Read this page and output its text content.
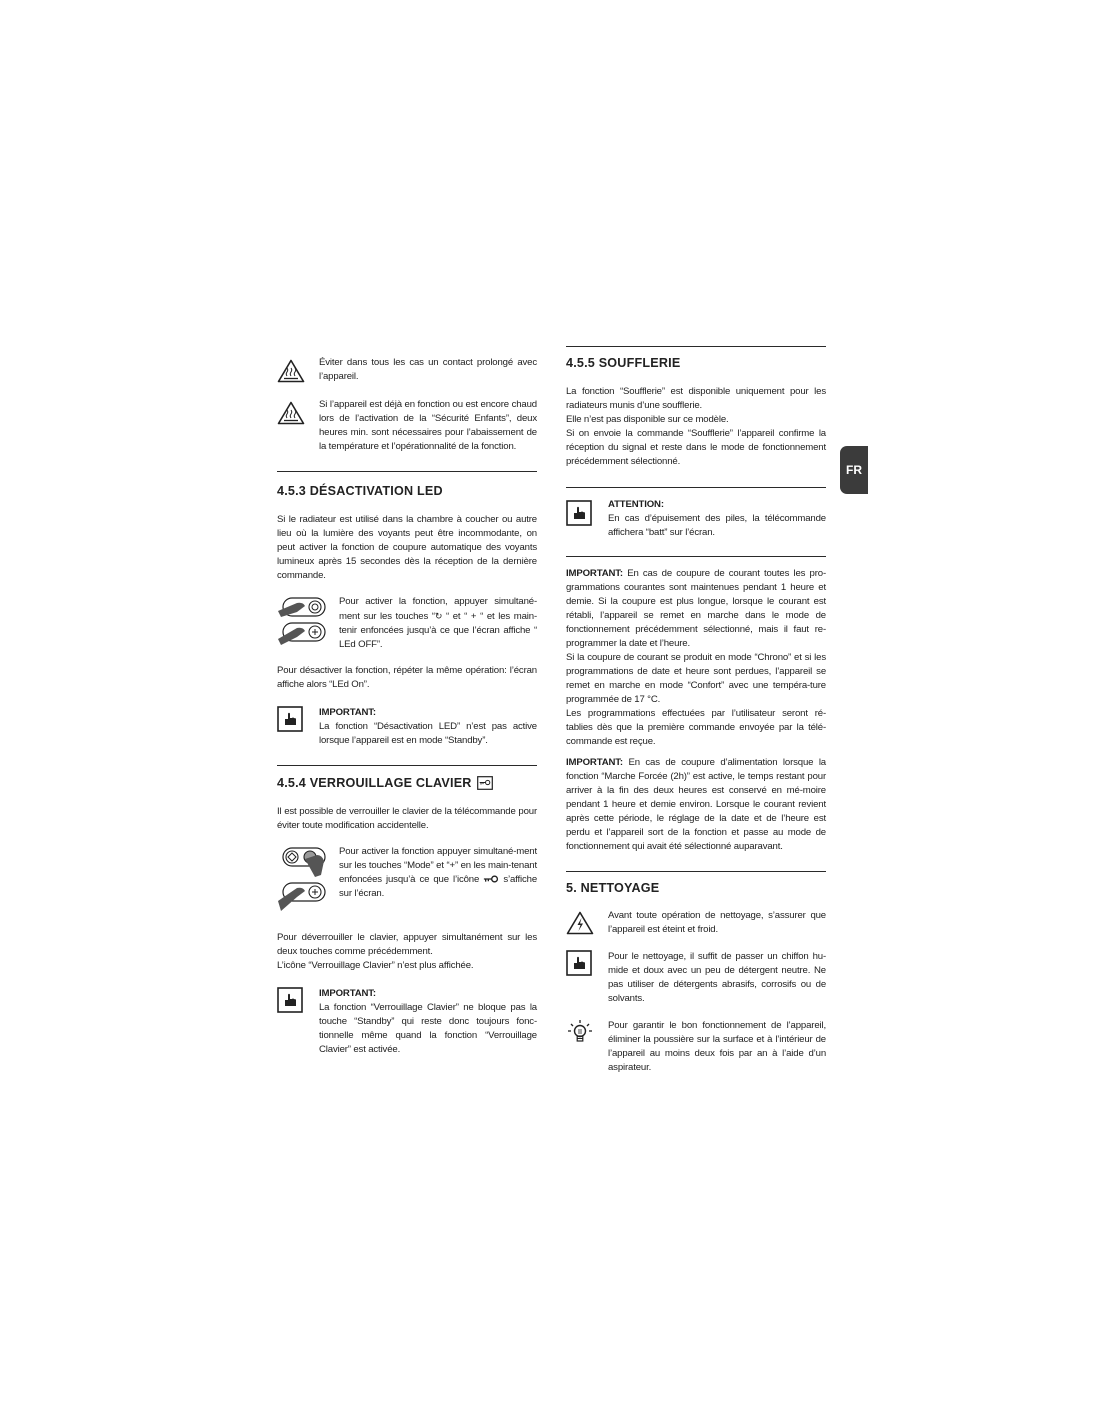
Éviter dans tous les cas un contact prolongé avec l’appareil.

Si l’appareil est déjà en fonction ou est encore chaud lors de l’activation de la “Sécurité Enfants”, deux heures min. sont nécessaires pour l’abaissement de la température et l’opérationnalité de la fonction.

4.5.3 DÉSACTIVATION LED

Si le radiateur est utilisé dans la chambre à coucher ou autre lieu où la lumière des voyants peut être incommodante, on peut activer la fonction de coupure automatique des voyants lumineux après 15 secondes dès la réception de la dernière commande.

Pour activer la fonction, appuyer simultané-ment sur les touches “↻ “ et “ + “ et les main-tenir enfoncées jusqu’à ce que l’écran affiche “ LEd OFF”.

Pour désactiver la fonction, répéter la même opération: l’écran affiche alors “LEd On”.

IMPORTANT:

La fonction “Désactivation LED” n’est pas active lorsque l’appareil est en mode “Standby”.

4.5.4 VERROUILLAGE CLAVIER

Il est possible de verrouiller le clavier de la télécommande pour éviter toute modification accidentelle.

Pour activer la fonction appuyer simultané-ment sur les touches “Mode” et “+” en les main-tenant enfoncées jusqu’à ce que l’icône  s’affiche sur l’écran.

Pour déverrouiller le clavier, appuyer simultanément sur les deux touches comme précédemment.

L’icône “Verrouillage Clavier” n’est plus affichée.

IMPORTANT:

La fonction “Verrouillage Clavier” ne bloque pas la touche “Standby” qui reste donc toujours fonc-tionnelle même quand la fonction “Verrouillage Clavier” est activée.

4.5.5 SOUFFLERIE

La fonction “Soufflerie” est disponible uniquement pour les radiateurs munis d’une soufflerie.

Elle n’est pas disponible sur ce modèle.

Si on envoie la commande “Soufflerie” l’appareil confirme la réception du signal et reste dans le mode de fonctionnement précédemment sélectionné.

ATTENTION:

En cas d’épuisement des piles, la télécommande affichera “batt” sur l’écran.

IMPORTANT: En cas de coupure de courant toutes les pro-grammations courantes sont maintenues pendant 1 heure et demie. Si la coupure est plus longue, lorsque le courant est rétabli, l’appareil se remet en marche dans le mode de fonctionnement précédemment sélectionné, mais il faut re-programmer la date et l’heure.

Si la coupure de courant se produit en mode “Chrono” et si les programmations de date et heure sont perdues, l’appareil se remet en marche en mode “Confort” avec une tempéra-ture programmée de 17 °C.

Les programmations effectuées par l’utilisateur seront ré-tablies dès que la première commande envoyée par la télé-commande est reçue.

IMPORTANT: En cas de coupure d’alimentation lorsque la fonction “Marche Forcée (2h)” est active, le temps restant pour arriver à la fin des deux heures est conservé en mé-moire pendant 1 heure et demie environ. Lorsque le courant revient après cette période, le réglage de la date et de l’heure est perdu et l’appareil sort de la fonction et passe au mode de fonctionnement qui avait été sélectionné auparavant.

5. NETTOYAGE

Avant toute opération de nettoyage, s’assurer que l’appareil est éteint et froid.

Pour le nettoyage, il suffit de passer un chiffon hu-mide et doux avec un peu de détergent neutre. Ne pas utiliser de détergents abrasifs, corrosifs ou de solvants.

Pour garantir le bon fonctionnement de l’appareil, éliminer la poussière sur la surface et à l’intérieur de l’appareil au moins deux fois par an à l’aide d’un aspirateur.

FR
